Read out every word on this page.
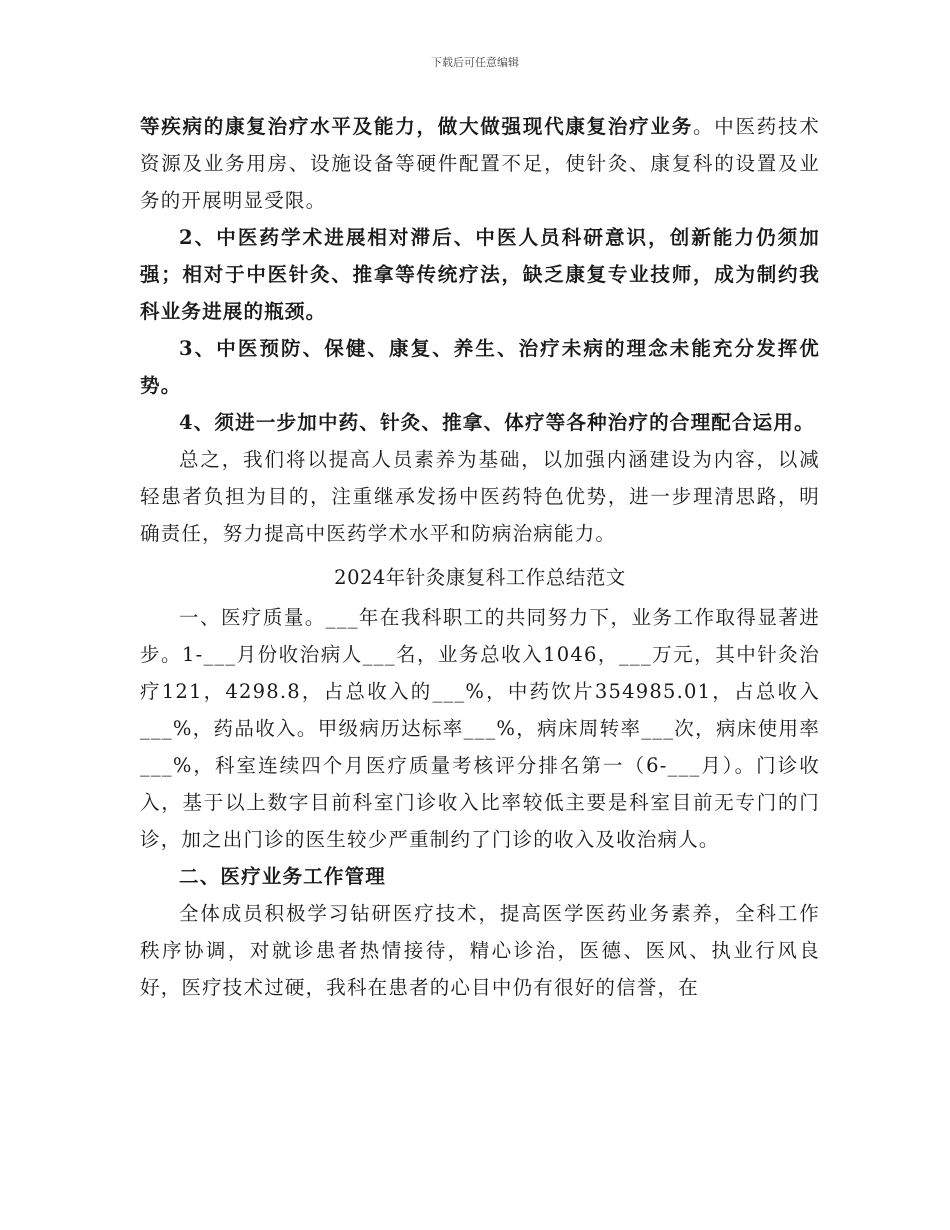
下载后可任意编辑

等疾病的康复治疗水平及能力，做大做强现代康复治疗业务。中医药技术资源及业务用房、设施设备等硬件配置不足，使针灸、康复科的设置及业务的开展明显受限。

2、中医药学术进展相对滞后、中医人员科研意识，创新能力仍须加强；相对于中医针灸、推拿等传统疗法，缺乏康复专业技师，成为制约我科业务进展的瓶颈。

3、中医预防、保健、康复、养生、治疗未病的理念未能充分发挥优势。

4、须进一步加中药、针灸、推拿、体疗等各种治疗的合理配合运用。

总之，我们将以提高人员素养为基础，以加强内涵建设为内容，以减轻患者负担为目的，注重继承发扬中医药特色优势，进一步理清思路，明确责任，努力提高中医药学术水平和防病治病能力。

2024年针灸康复科工作总结范文

一、医疗质量。___年在我科职工的共同努力下，业务工作取得显著进步。1-___月份收治病人___名，业务总收入1046，___万元，其中针灸治疗121，4298.8，占总收入的___%，中药饮片354985.01，占总收入___%，药品收入。甲级病历达标率___%，病床周转率___次，病床使用率___%，科室连续四个月医疗质量考核评分排名第一（6-___月）。门诊收入，基于以上数字目前科室门诊收入比率较低主要是科室目前无专门的门诊，加之出门诊的医生较少严重制约了门诊的收入及收治病人。

二、医疗业务工作管理

全体成员积极学习钻研医疗技术，提高医学医药业务素养，全科工作秩序协调，对就诊患者热情接待，精心诊治，医德、医风、执业行风良好，医疗技术过硬，我科在患者的心目中仍有很好的信誉，在
